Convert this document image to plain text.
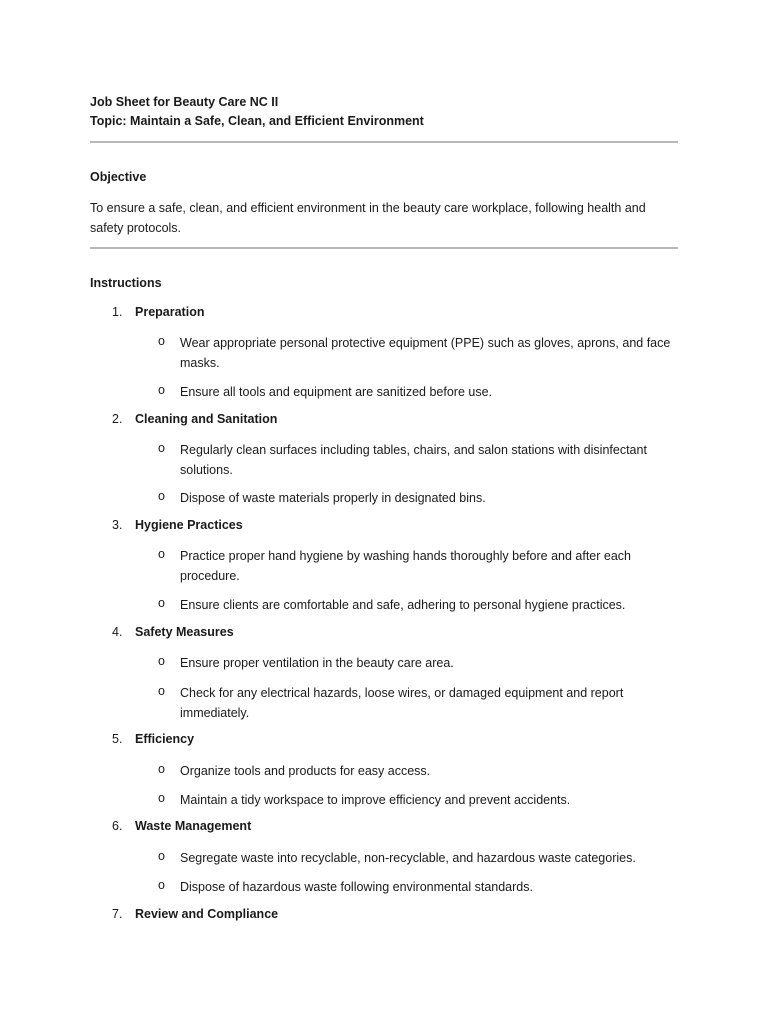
Job Sheet for Beauty Care NC II
Topic: Maintain a Safe, Clean, and Efficient Environment
Objective
To ensure a safe, clean, and efficient environment in the beauty care workplace, following health and safety protocols.
Instructions
1.	Preparation
o Wear appropriate personal protective equipment (PPE) such as gloves, aprons, and face masks.
o Ensure all tools and equipment are sanitized before use.
2.	Cleaning and Sanitation
o Regularly clean surfaces including tables, chairs, and salon stations with disinfectant solutions.
o Dispose of waste materials properly in designated bins.
3.	Hygiene Practices
o Practice proper hand hygiene by washing hands thoroughly before and after each procedure.
o Ensure clients are comfortable and safe, adhering to personal hygiene practices.
4.	Safety Measures
o Ensure proper ventilation in the beauty care area.
o Check for any electrical hazards, loose wires, or damaged equipment and report immediately.
5.	Efficiency
o Organize tools and products for easy access.
o Maintain a tidy workspace to improve efficiency and prevent accidents.
6.	Waste Management
o Segregate waste into recyclable, non-recyclable, and hazardous waste categories.
o Dispose of hazardous waste following environmental standards.
7.	Review and Compliance
